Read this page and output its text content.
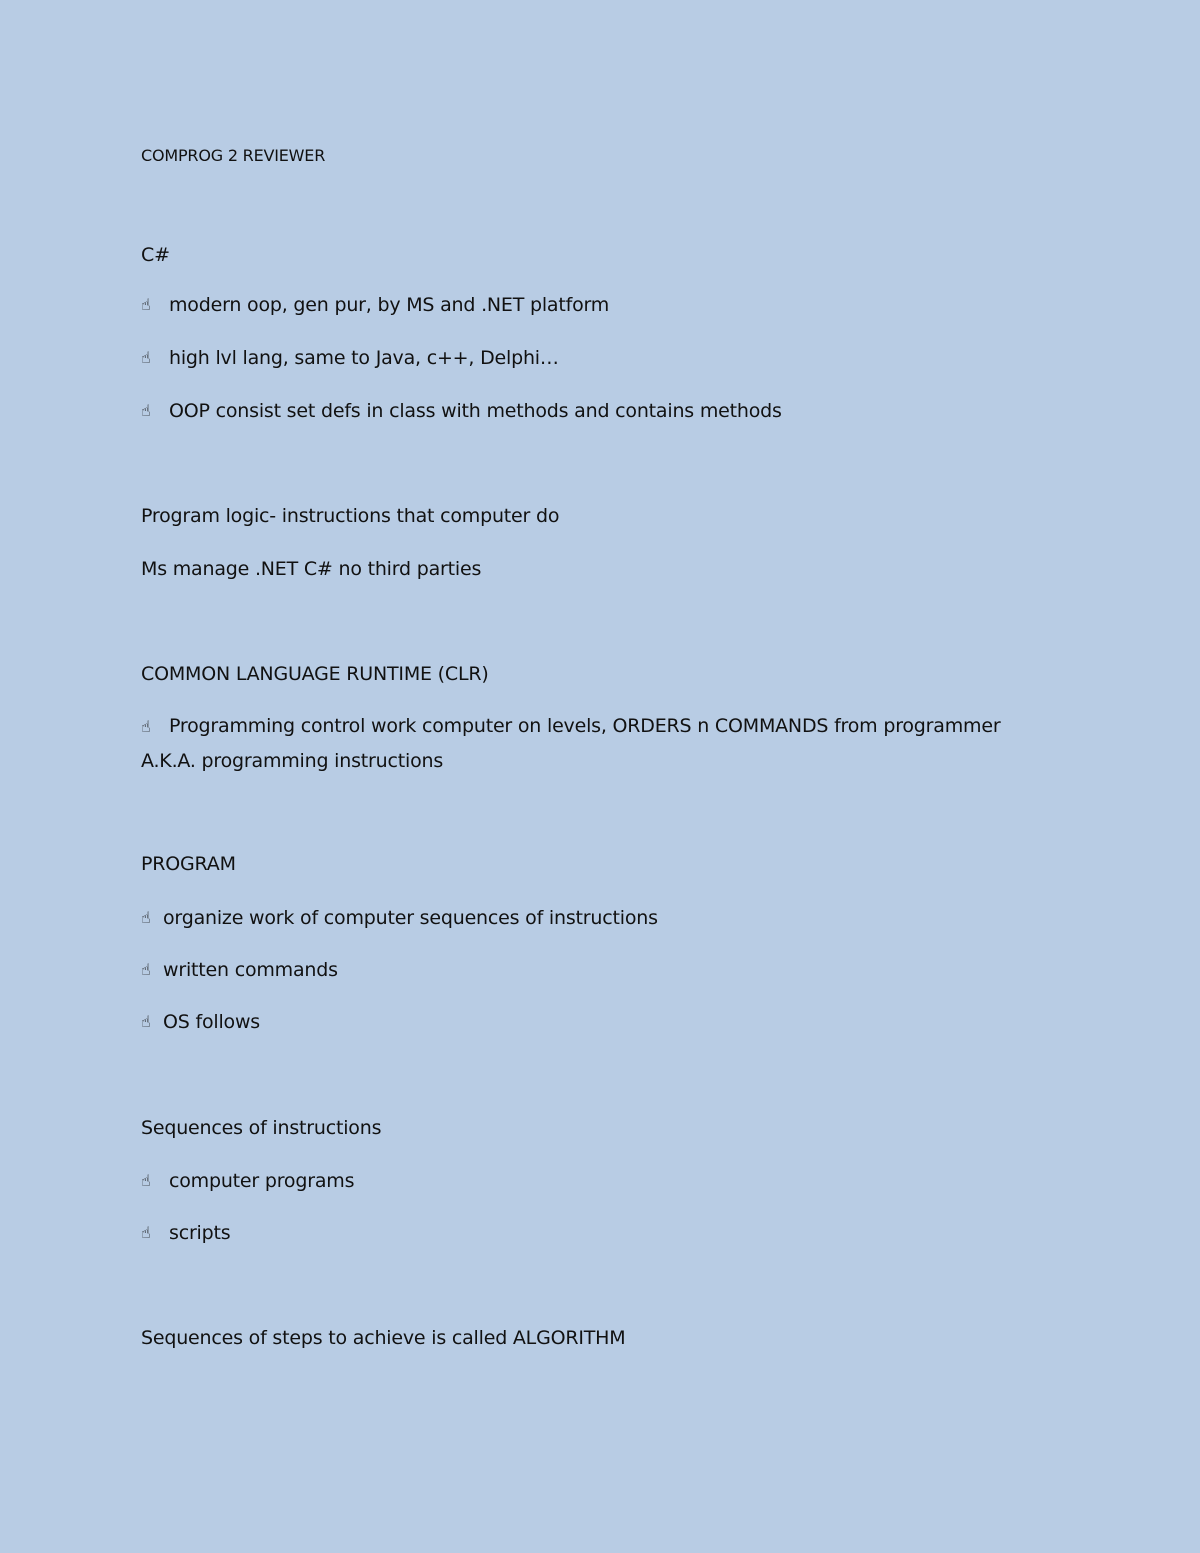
COMPROG 2 REVIEWER
C#
☝ modern oop, gen pur, by MS and .NET platform
☝ high lvl lang, same to Java, c++, Delphi…
☝ OOP consist set defs in class with methods and contains methods
Program logic- instructions that computer do
Ms manage .NET C# no third parties
COMMON LANGUAGE RUNTIME (CLR)
☝ Programming control work computer on levels, ORDERS n COMMANDS from programmer A.K.A. programming instructions
PROGRAM
☝ organize work of computer sequences of instructions
☝ written commands
☝ OS follows
Sequences of instructions
☝ computer programs
☝ scripts
Sequences of steps to achieve is called ALGORITHM
